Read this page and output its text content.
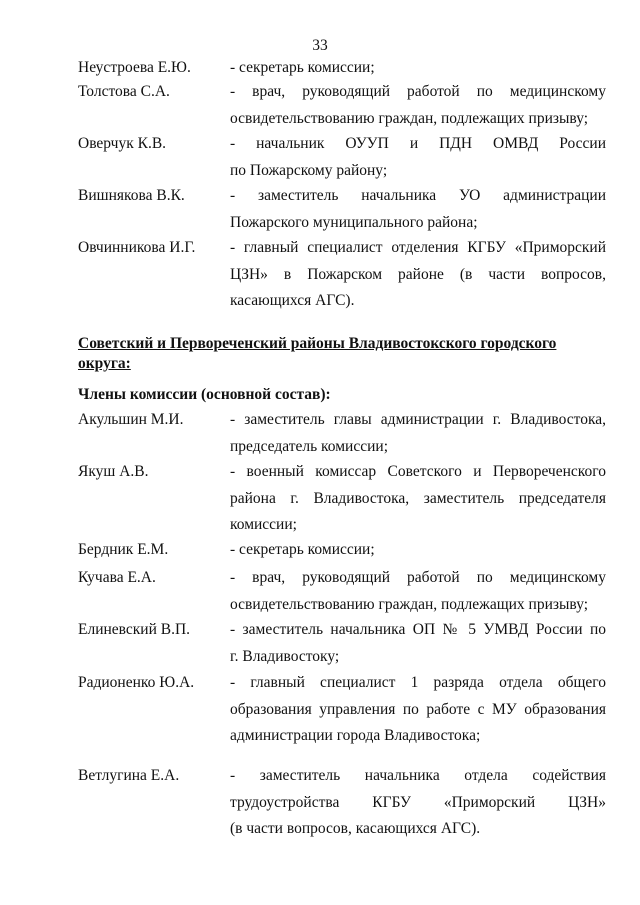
33
Неустроева Е.Ю.	- секретарь комиссии;
Толстова С.А.	- врач, руководящий работой по медицинскому
освидетельствованию граждан, подлежащих призыву;
Оверчук К.В.	- начальник ОУУП и ПДН ОМВД России
по Пожарскому району;
Вишнякова В.К.	- заместитель начальника УО администрации
Пожарского муниципального района;
Овчинникова И.Г. - главный специалист отделения КГБУ «Приморский
ЦЗН» в Пожарском районе (в части вопросов,
касающихся АГС).
Советский и Первореченский районы Владивостокского городского
округа:
Члены комиссии (основной состав):
Акульшин М.И.	- заместитель главы администрации г. Владивостока,
председатель комиссии;
Якуш А.В.	- военный комиссар Советского и Первореченского
района г. Владивостока, заместитель председателя
комиссии;
Бердник Е.М.	- секретарь комиссии;
Кучава Е.А.	- врач, руководящий работой по медицинскому
освидетельствованию граждан, подлежащих призыву;
Елиневский В.П.	- заместитель начальника ОП № 5 УМВД России по
г. Владивостоку;
Радионенко Ю.А. - главный специалист 1 разряда отдела общего
образования управления по работе с МУ образования
администрации города Владивостока;
Ветлугина Е.А.	- заместитель начальника отдела содействия
трудоустройства КГБУ «Приморский ЦЗН»
(в части вопросов, касающихся АГС).
